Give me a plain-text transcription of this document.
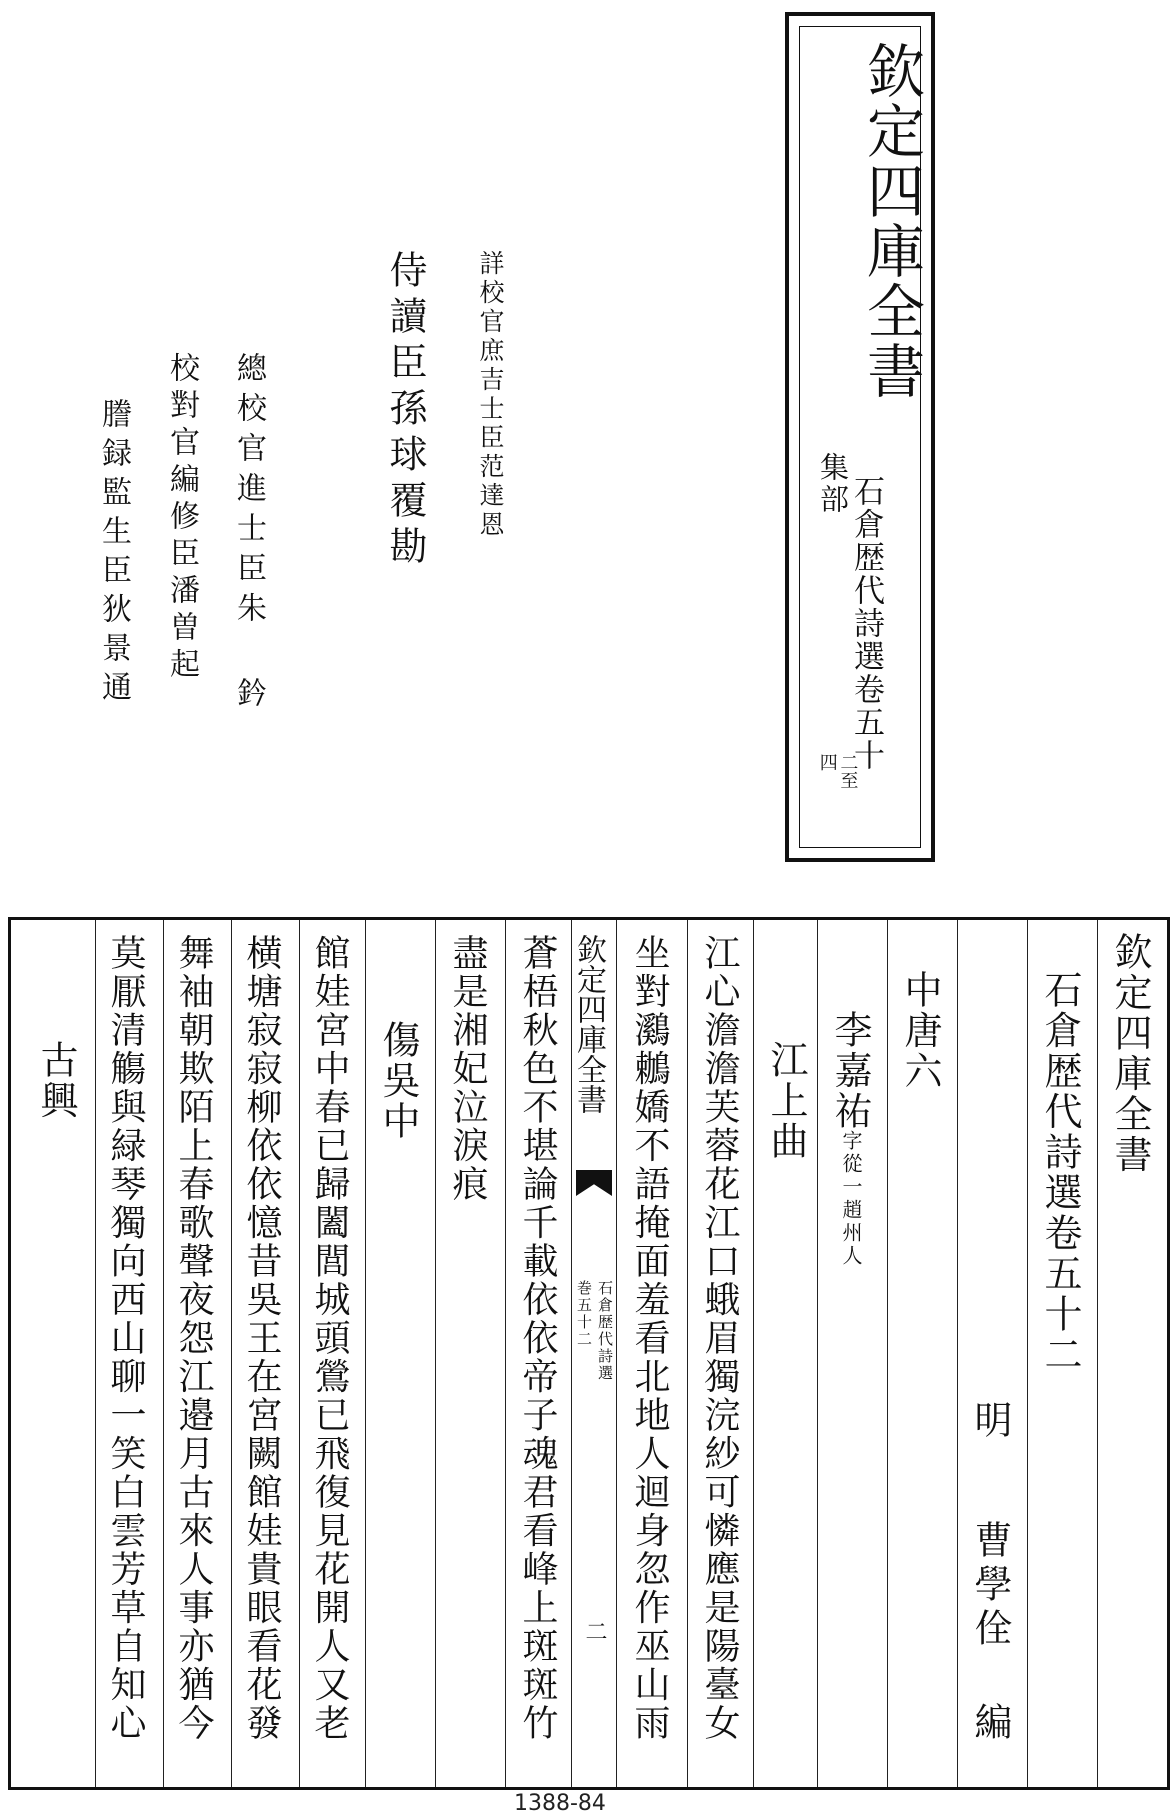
欽定四庫全書
集部
石倉歴代詩選卷五十
二至
四
詳校官庶吉士臣范達恩
侍讀臣孫球覆勘
總校官進士臣朱 鈐
校對官編修臣潘曽起
謄録監生臣狄景通
欽定四庫全書
石倉歴代詩選卷五十二
明
曹學佺 編
中唐六
李嘉祐
字從一趙州人
江上曲
江心澹澹芙蓉花江口蛾眉獨浣紗可憐應是陽臺女
坐對鸂鶒嬌不語掩面羞看北地人迴身忽作巫山雨
欽定四庫全書
石倉歴代詩選
巻五十二
二
蒼梧秋色不堪論千載依依帝子魂君看峰上斑斑竹
盡是湘妃泣淚痕
傷吳中
館娃宮中春已歸闔閭城頭鶯已飛復見花開人又老
横塘寂寂柳依依憶昔吳王在宮闕館娃貴眼看花發
舞袖朝欺陌上春歌聲夜怨江邉月古來人事亦猶今
莫厭清觴與緑琴獨向西山聊一笑白雲芳草自知心
古興
1388-84
